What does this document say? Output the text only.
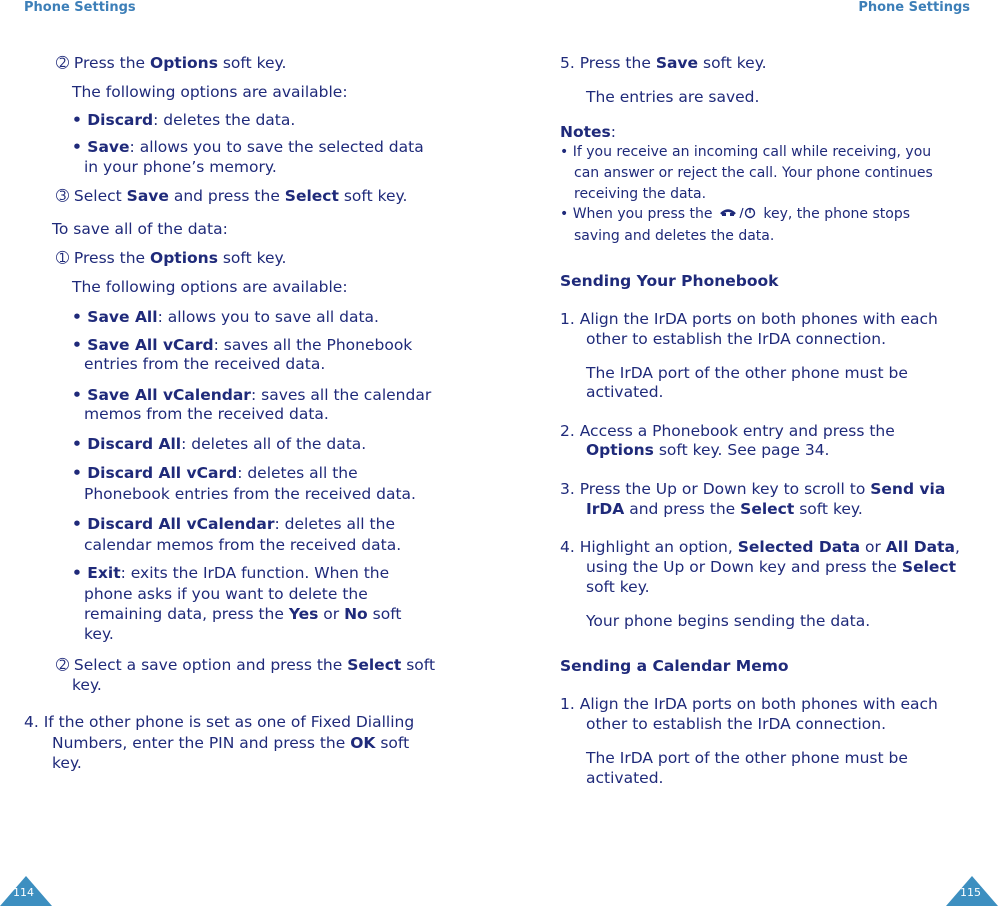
Phone Settings	Phone Settings
➁ Press the Options soft key.
The following options are available:
• Discard: deletes the data.
• Save: allows you to save the selected data
in your phone’s memory.
➂ Select Save and press the Select soft key.
To save all of the data:
➀ Press the Options soft key.
The following options are available:
• Save All: allows you to save all data.
• Save All vCard: saves all the Phonebook
entries from the received data.
• Save All vCalendar: saves all the calendar
memos from the received data.
• Discard All: deletes all of the data.
• Discard All vCard: deletes all the
Phonebook entries from the received data.
• Discard All vCalendar: deletes all the
calendar memos from the received data.
• Exit: exits the IrDA function. When the
phone asks if you want to delete the
remaining data, press the Yes or No soft
key.
➁ Select a save option and press the Select soft
key.
4. If the other phone is set as one of Fixed Dialling
Numbers, enter the PIN and press the OK soft
key.
5. Press the Save soft key.
The entries are saved.
Notes:
• If you receive an incoming call while receiving, you
can answer or reject the call. Your phone continues
receiving the data.
• When you press the	key, the phone stops
saving and deletes the data.
Sending Your Phonebook
1. Align the IrDA ports on both phones with each
other to establish the IrDA connection.
The IrDA port of the other phone must be
activated.
2. Access a Phonebook entry and press the
Options soft key. See page 34.
3. Press the Up or Down key to scroll to Send via
IrDA and press the Select soft key.
4. Highlight an option, Selected Data or All Data,
using the Up or Down key and press the Select
soft key.
Your phone begins sending the data.
Sending a Calendar Memo
1. Align the IrDA ports on both phones with each
other to establish the IrDA connection.
The IrDA port of the other phone must be
activated.
114	115
